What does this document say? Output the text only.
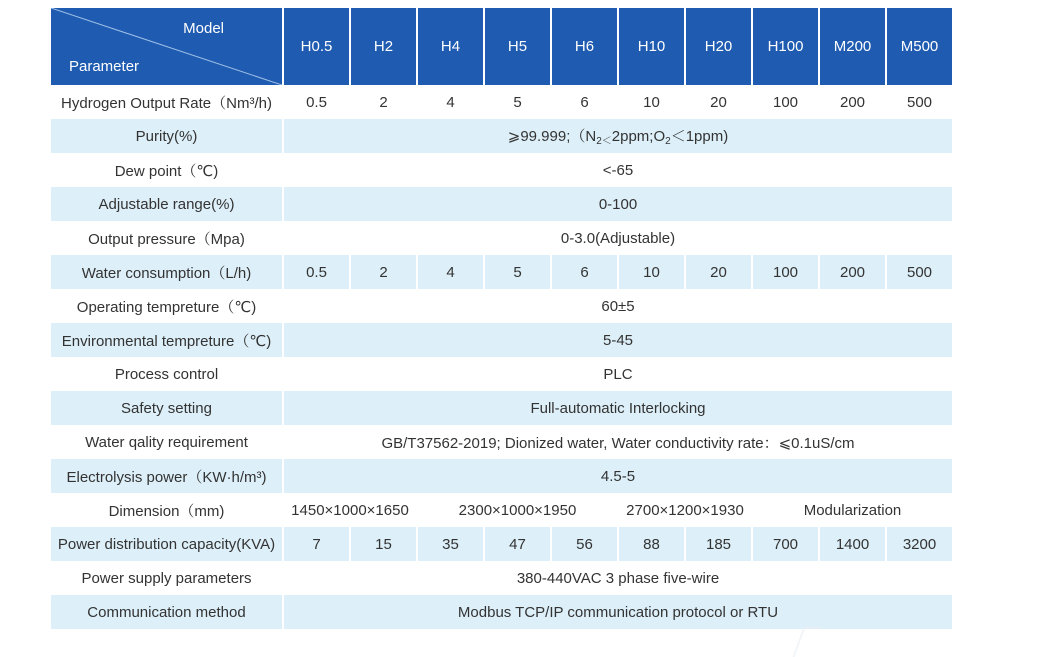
Model
Parameter	H0.5	H2	H4	H5	H6	H10	H20	H100	M200	M500
Hydrogen Output Rate（Nm³/h)	0.5	2	4	5	6	10	20	100	200	500
Purity(%)	$⩾99.999;(N_{2<}2ppm;O_2<1ppm)$									
Dew point（℃)	<-65									
Adjustable range(%)	0-100									
Output pressure（Mpa)	0-3.0(Adjustable)									
Water consumption（L/h)	0.5	2	4	5	6	10	20	100	200	500
Operating tempreture（℃)	60±5									
Environmental tempreture（℃)	5-45									
Process control	PLC									
Safety setting	Full-automatic Interlocking									
Water qality requirement	GB/T37562-2019; Dionized water, Water conductivity rate：⩽0.1uS/cm									
Electrolysis power（KW·h/m³)	4.5-5									
Dimension（mm)	1450×1000×1650		2300×1000×1950			2700×1200×1930		Modularization		
Power distribution capacity(KVA)	7	15	35	47	56	88	185	700	1400	3200
Power supply parameters	380-440VAC 3 phase five-wire									
Communication method	Modbus TCP/IP communication protocol or RTU									
